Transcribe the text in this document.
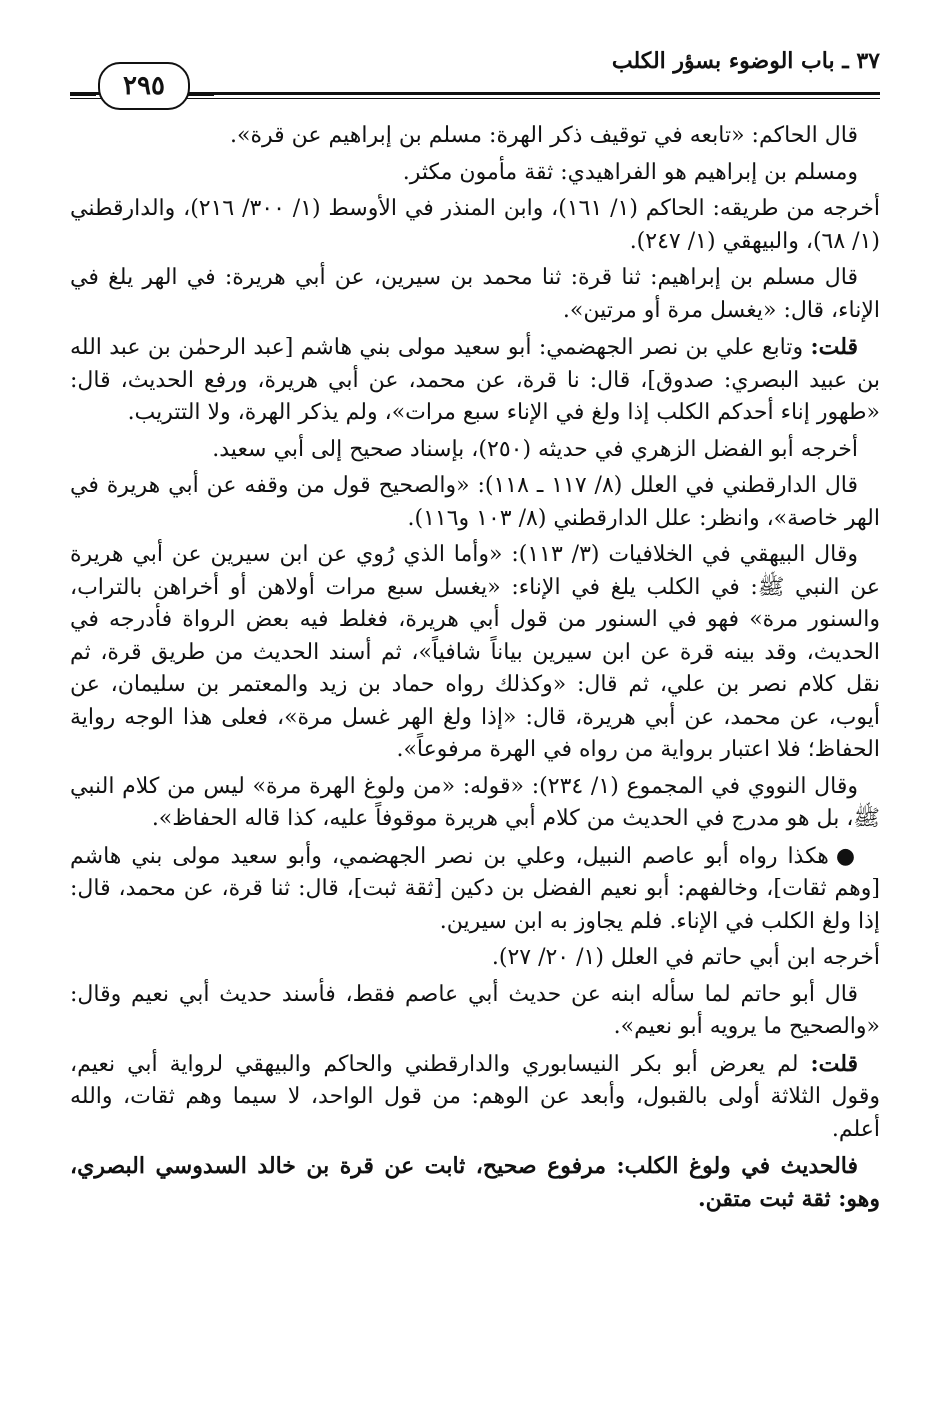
٣٧ ـ باب الوضوء بسؤر الكلب
٢٩٥

قال الحاكم: «تابعه في توقيف ذكر الهرة: مسلم بن إبراهيم عن قرة».

ومسلم بن إبراهيم هو الفراهيدي: ثقة مأمون مكثر.

أخرجه من طريقه: الحاكم (١/ ١٦١)، وابن المنذر في الأوسط (١/ ٣٠٠/ ٢١٦)، والدارقطني (١/ ٦٨)، والبيهقي (١/ ٢٤٧).

قال مسلم بن إبراهيم: ثنا قرة: ثنا محمد بن سيرين، عن أبي هريرة: في الهر يلغ في الإناء، قال: «يغسل مرة أو مرتين».

قلت: وتابع علي بن نصر الجهضمي: أبو سعيد مولى بني هاشم [عبد الرحمٰن بن عبد الله بن عبيد البصري: صدوق]، قال: نا قرة، عن محمد، عن أبي هريرة، ورفع الحديث، قال: «طهور إناء أحدكم الكلب إذا ولغ في الإناء سبع مرات»، ولم يذكر الهرة، ولا التتريب.

أخرجه أبو الفضل الزهري في حديثه (٢٥٠)، بإسناد صحيح إلى أبي سعيد.

قال الدارقطني في العلل (٨/ ١١٧ ـ ١١٨): «والصحيح قول من وقفه عن أبي هريرة في الهر خاصة»، وانظر: علل الدارقطني (٨/ ١٠٣ و١١٦).

وقال البيهقي في الخلافيات (٣/ ١١٣): «وأما الذي رُوي عن ابن سيرين عن أبي هريرة عن النبي ﷺ: في الكلب يلغ في الإناء: «يغسل سبع مرات أولاهن أو أخراهن بالتراب، والسنور مرة» فهو في السنور من قول أبي هريرة، فغلط فيه بعض الرواة فأدرجه في الحديث، وقد بينه قرة عن ابن سيرين بياناً شافياً»، ثم أسند الحديث من طريق قرة، ثم نقل كلام نصر بن علي، ثم قال: «وكذلك رواه حماد بن زيد والمعتمر بن سليمان، عن أيوب، عن محمد، عن أبي هريرة، قال: «إذا ولغ الهر غسل مرة»، فعلى هذا الوجه رواية الحفاظ؛ فلا اعتبار برواية من رواه في الهرة مرفوعاً».

وقال النووي في المجموع (١/ ٢٣٤): «قوله: «من ولوغ الهرة مرة» ليس من كلام النبي ﷺ، بل هو مدرج في الحديث من كلام أبي هريرة موقوفاً عليه، كذا قاله الحفاظ».

● هكذا رواه أبو عاصم النبيل، وعلي بن نصر الجهضمي، وأبو سعيد مولى بني هاشم [وهم ثقات]، وخالفهم: أبو نعيم الفضل بن دكين [ثقة ثبت]، قال: ثنا قرة، عن محمد، قال: إذا ولغ الكلب في الإناء. فلم يجاوز به ابن سيرين.

أخرجه ابن أبي حاتم في العلل (١/ ٢٠/ ٢٧).

قال أبو حاتم لما سأله ابنه عن حديث أبي عاصم فقط، فأسند حديث أبي نعيم وقال: «والصحيح ما يرويه أبو نعيم».

قلت: لم يعرض أبو بكر النيسابوري والدارقطني والحاكم والبيهقي لرواية أبي نعيم، وقول الثلاثة أولى بالقبول، وأبعد عن الوهم: من قول الواحد، لا سيما وهم ثقات، والله أعلم.

فالحديث في ولوغ الكلب: مرفوع صحيح، ثابت عن قرة بن خالد السدوسي البصري، وهو: ثقة ثبت متقن.
